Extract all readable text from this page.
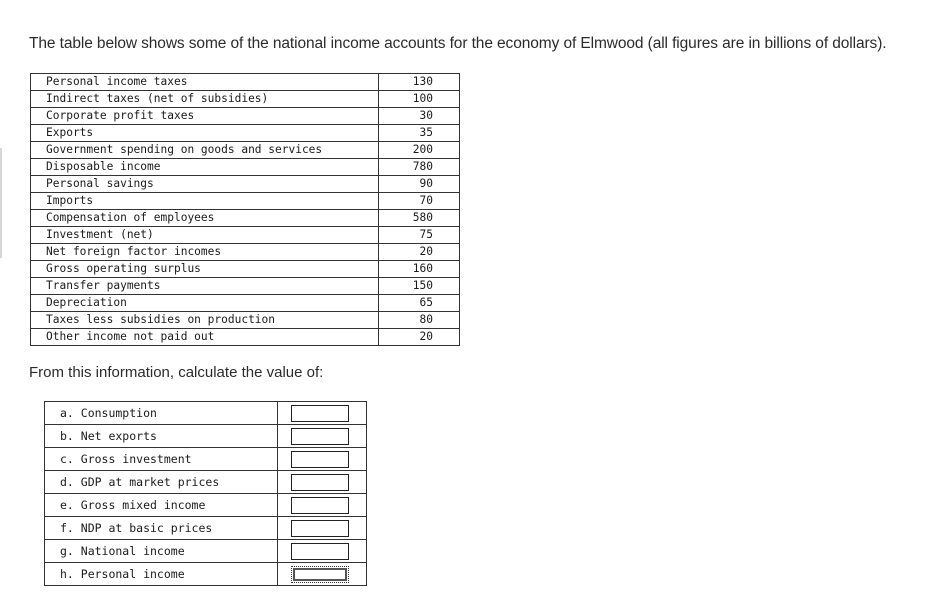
The table below shows some of the national income accounts for the economy of Elmwood (all figures are in billions of dollars).

Personal income taxes	130
Indirect taxes (net of subsidies)	100
Corporate profit taxes	30
Exports	35
Government spending on goods and services	200
Disposable income	780
Personal savings	90
Imports	70
Compensation of employees	580
Investment (net)	75
Net foreign factor incomes	20
Gross operating surplus	160
Transfer payments	150
Depreciation	65
Taxes less subsidies on production	80
Other income not paid out	20

From this information, calculate the value of:

a. Consumption	

b. Net exports	

c. Gross investment	

d. GDP at market prices	

e. Gross mixed income	

f. NDP at basic prices	

g. National income	

h. Personal income	
